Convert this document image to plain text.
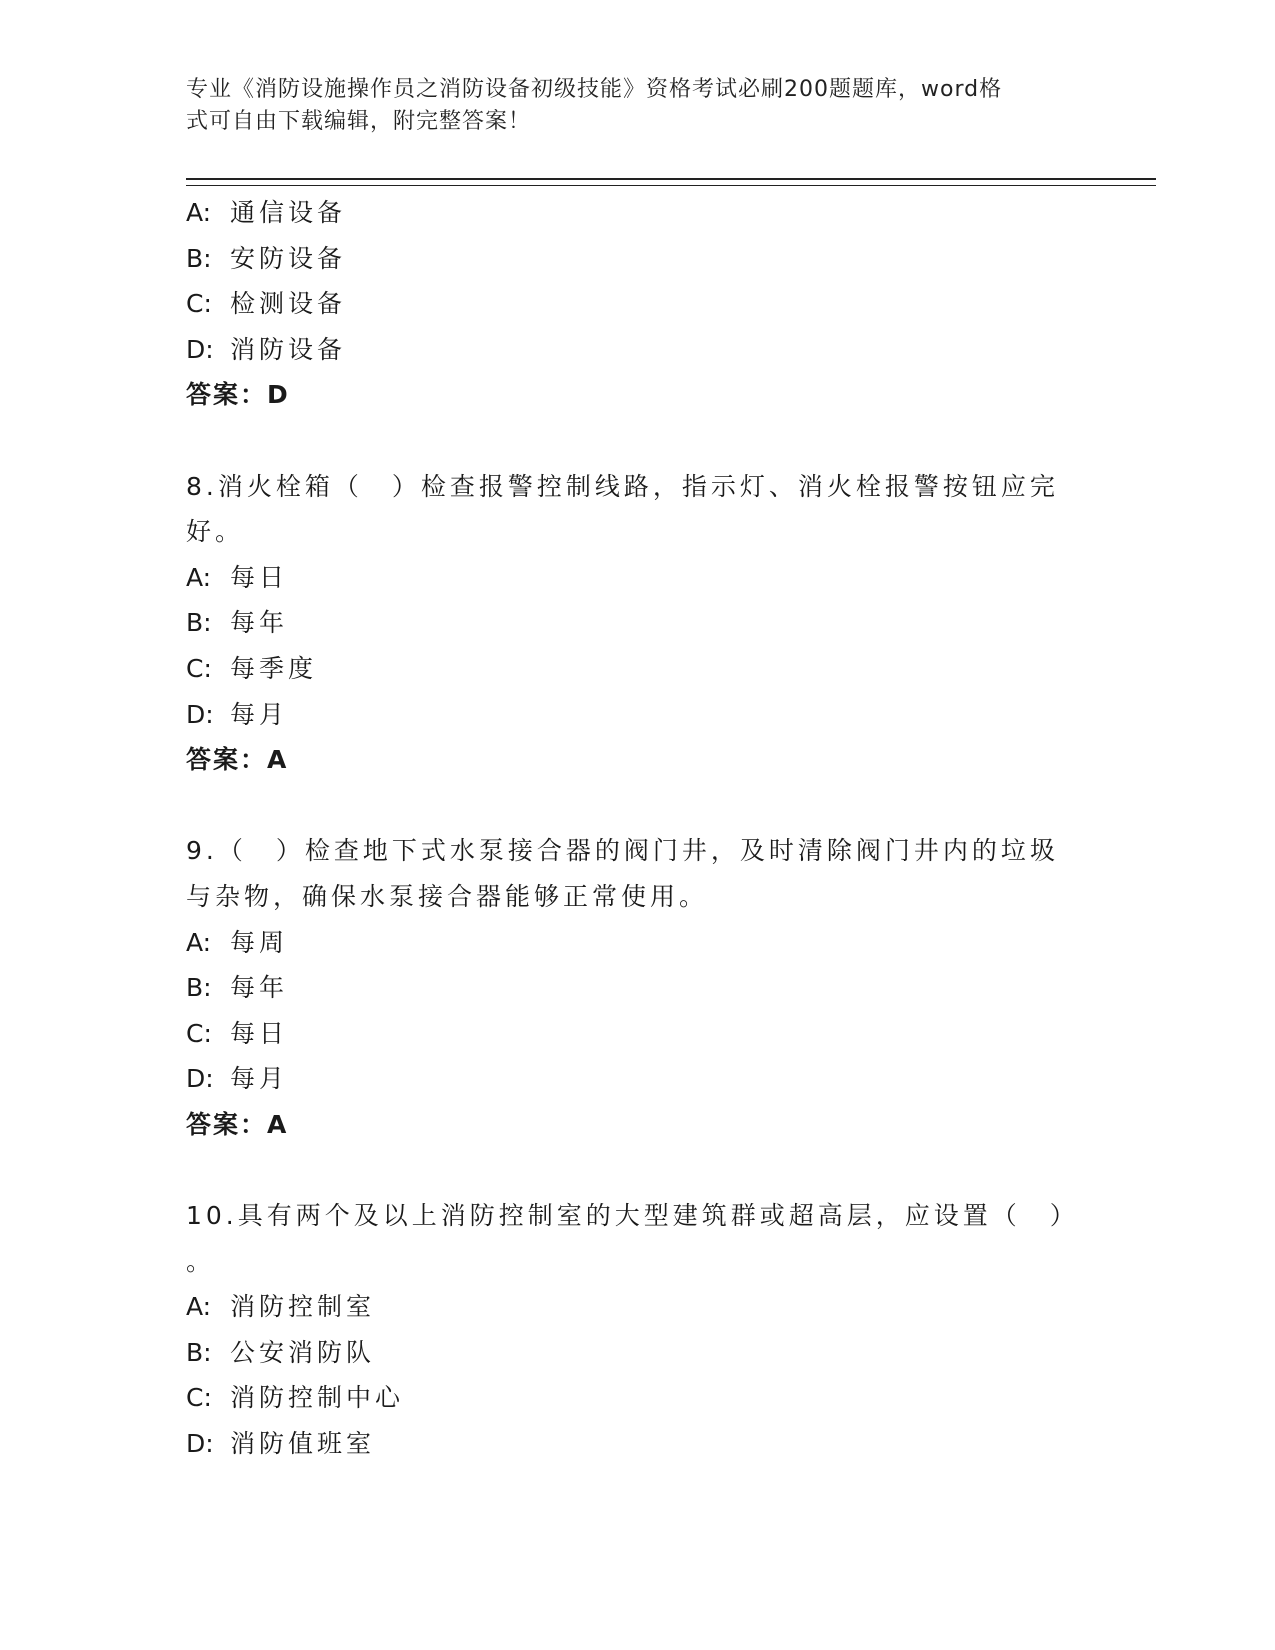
专业《消防设施操作员之消防设备初级技能》资格考试必刷200题题库，word格
式可自由下载编辑，附完整答案！
A: 通信设备
B: 安防设备
C: 检测设备
D: 消防设备
答案：D
8.消火栓箱（　）检查报警控制线路，指示灯、消火栓报警按钮应完
好。
A: 每日
B: 每年
C: 每季度
D: 每月
答案：A
9.（　）检查地下式水泵接合器的阀门井，及时清除阀门井内的垃圾
与杂物，确保水泵接合器能够正常使用。
A: 每周
B: 每年
C: 每日
D: 每月
答案：A
10.具有两个及以上消防控制室的大型建筑群或超高层，应设置（　）
。
A: 消防控制室
B: 公安消防队
C: 消防控制中心
D: 消防值班室
